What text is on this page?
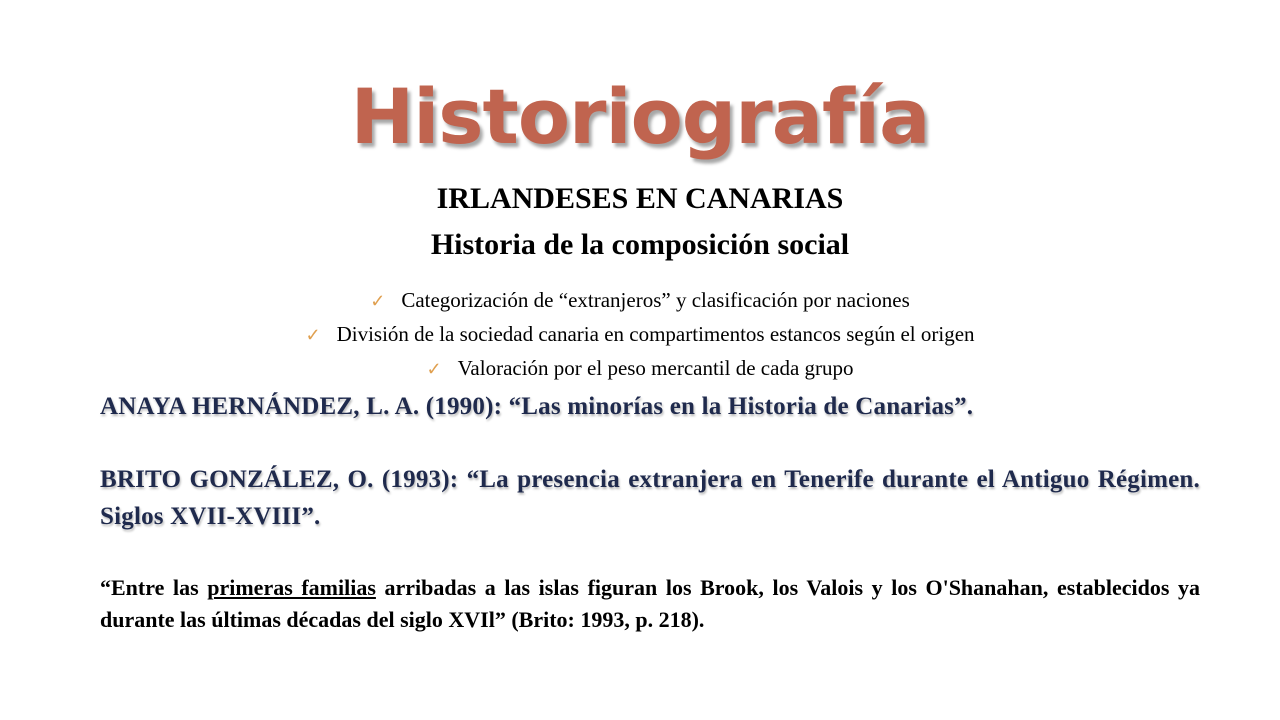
Historiografía
IRLANDESES EN CANARIAS
Historia de la composición social
✓ Categorización de “extranjeros” y clasificación por naciones
✓ División de la sociedad canaria en compartimentos estancos según el origen
✓ Valoración por el peso mercantil de cada grupo
ANAYA HERNÁNDEZ, L. A. (1990): “Las minorías en la Historia de Canarias”.
BRITO GONZÁLEZ, O. (1993): “La presencia extranjera en Tenerife durante el Antiguo Régimen. Siglos XVII-XVIII”.
“Entre las primeras familias arribadas a las islas figuran los Brook, los Valois y los O'Shanahan, establecidos ya durante las últimas décadas del siglo XVIl” (Brito: 1993, p. 218).
